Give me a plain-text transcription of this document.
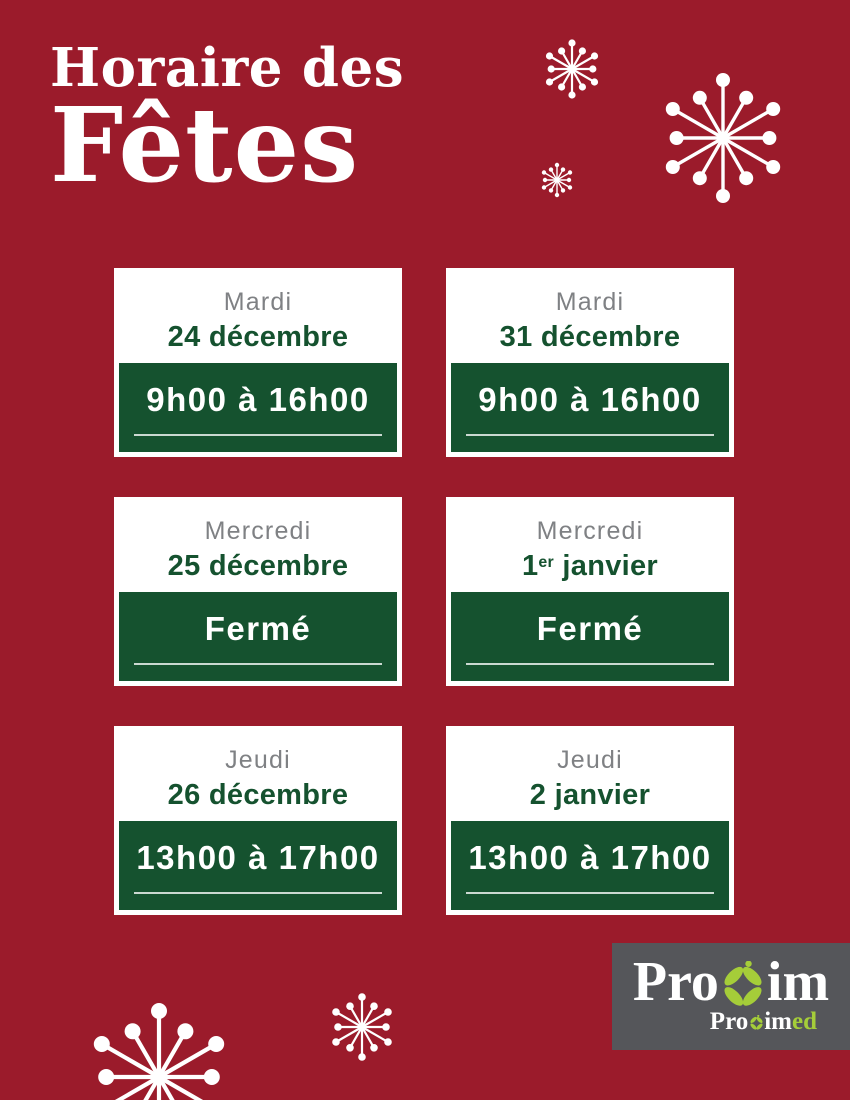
Horaire des
Fêtes
Mardi
24 décembre
9h00 à 16h00
Mardi
31 décembre
9h00 à 16h00
Mercredi
25 décembre
Fermé
Mercredi
1er janvier
Fermé
Jeudi
26 décembre
13h00 à 17h00
Jeudi
2 janvier
13h00 à 17h00
Pro im
Pro im ed
